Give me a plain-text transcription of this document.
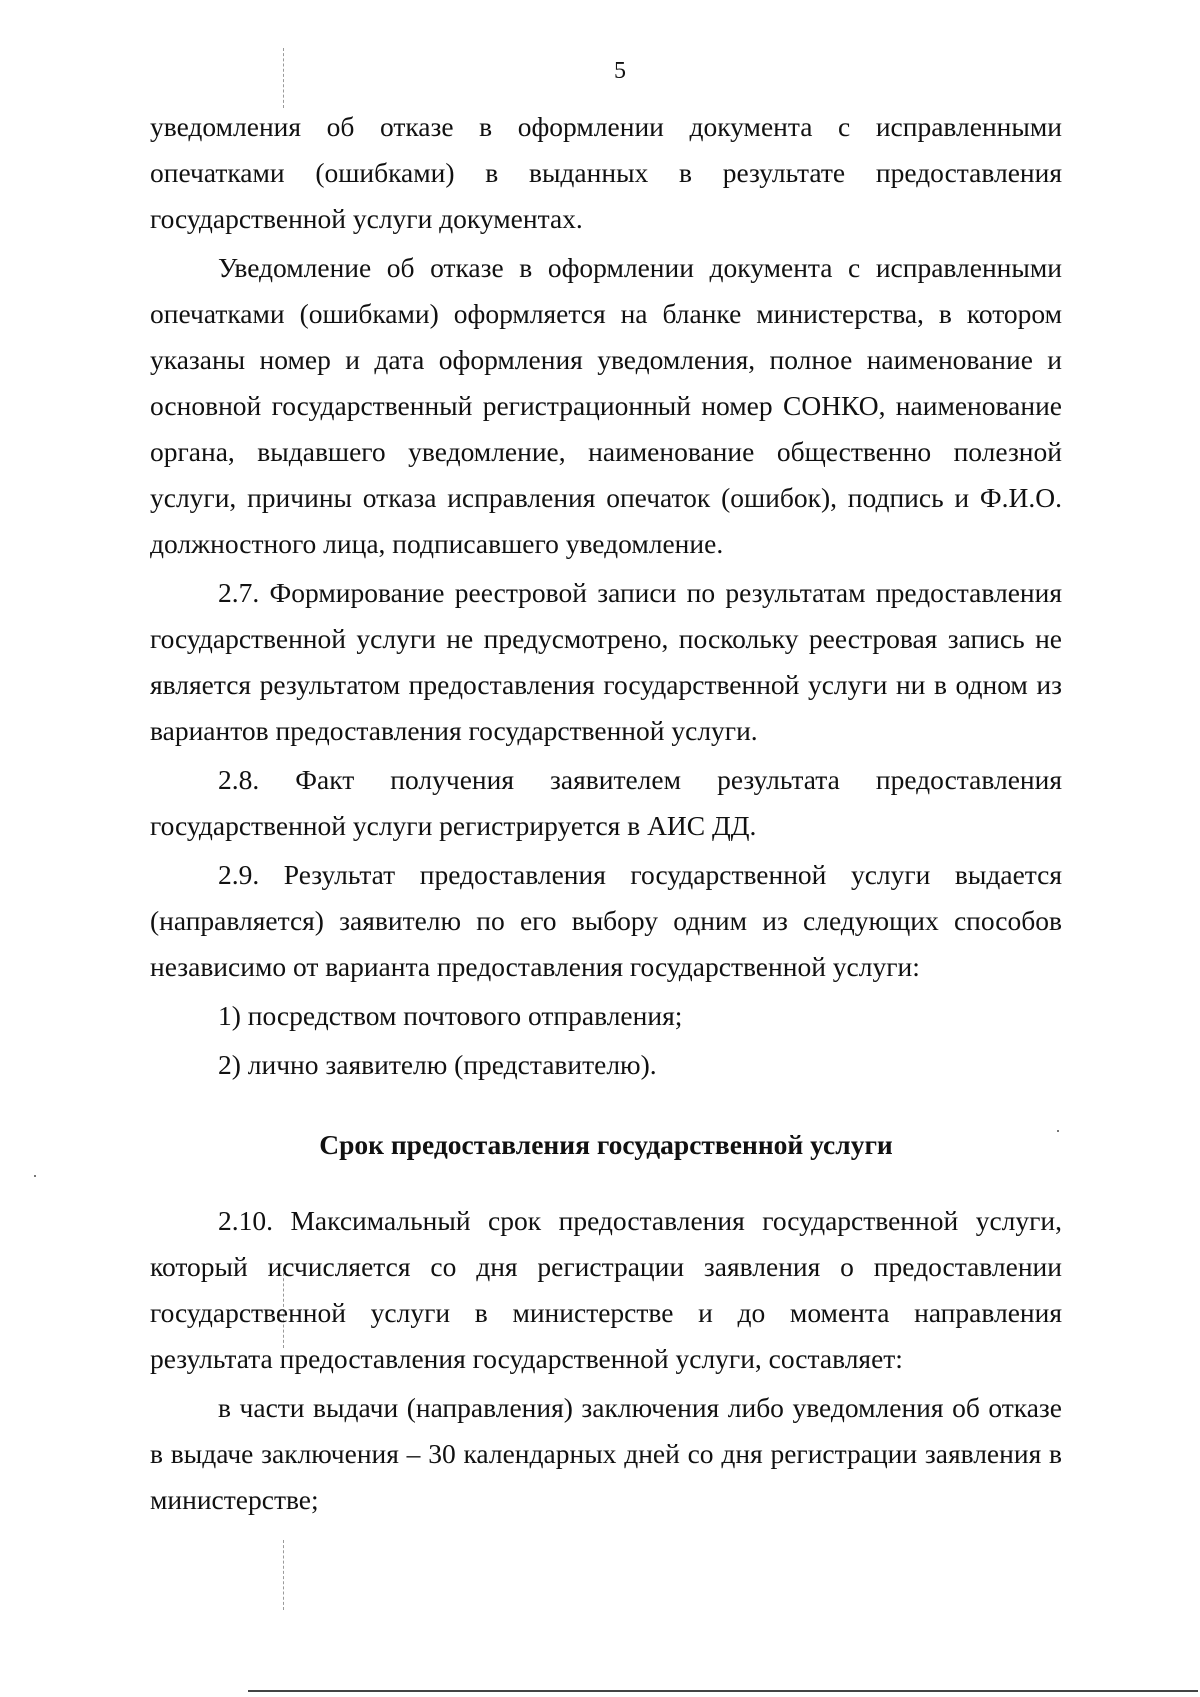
5

уведомления об отказе в оформлении документа с исправленными опечатками (ошибками) в выданных в результате предоставления государственной услуги документах.

Уведомление об отказе в оформлении документа с исправленными опечатками (ошибками) оформляется на бланке министерства, в котором указаны номер и дата оформления уведомления, полное наименование и основной государственный регистрационный номер СОНКО, наименование органа, выдавшего уведомление, наименование общественно полезной услуги, причины отказа исправления опечаток (ошибок), подпись и Ф.И.О. должностного лица, подписавшего уведомление.

2.7. Формирование реестровой записи по результатам предоставления государственной услуги не предусмотрено, поскольку реестровая запись не является результатом предоставления государственной услуги ни в одном из вариантов предоставления государственной услуги.

2.8. Факт получения заявителем результата предоставления государственной услуги регистрируется в АИС ДД.

2.9. Результат предоставления государственной услуги выдается (направляется) заявителю по его выбору одним из следующих способов независимо от варианта предоставления государственной услуги:

1) посредством почтового отправления;

2) лично заявителю (представителю).

Срок предоставления государственной услуги

2.10. Максимальный срок предоставления государственной услуги, который исчисляется со дня регистрации заявления о предоставлении государственной услуги в министерстве и до момента направления результата предоставления государственной услуги, составляет:

в части выдачи (направления) заключения либо уведомления об отказе в выдаче заключения – 30 календарных дней со дня регистрации заявления в министерстве;
